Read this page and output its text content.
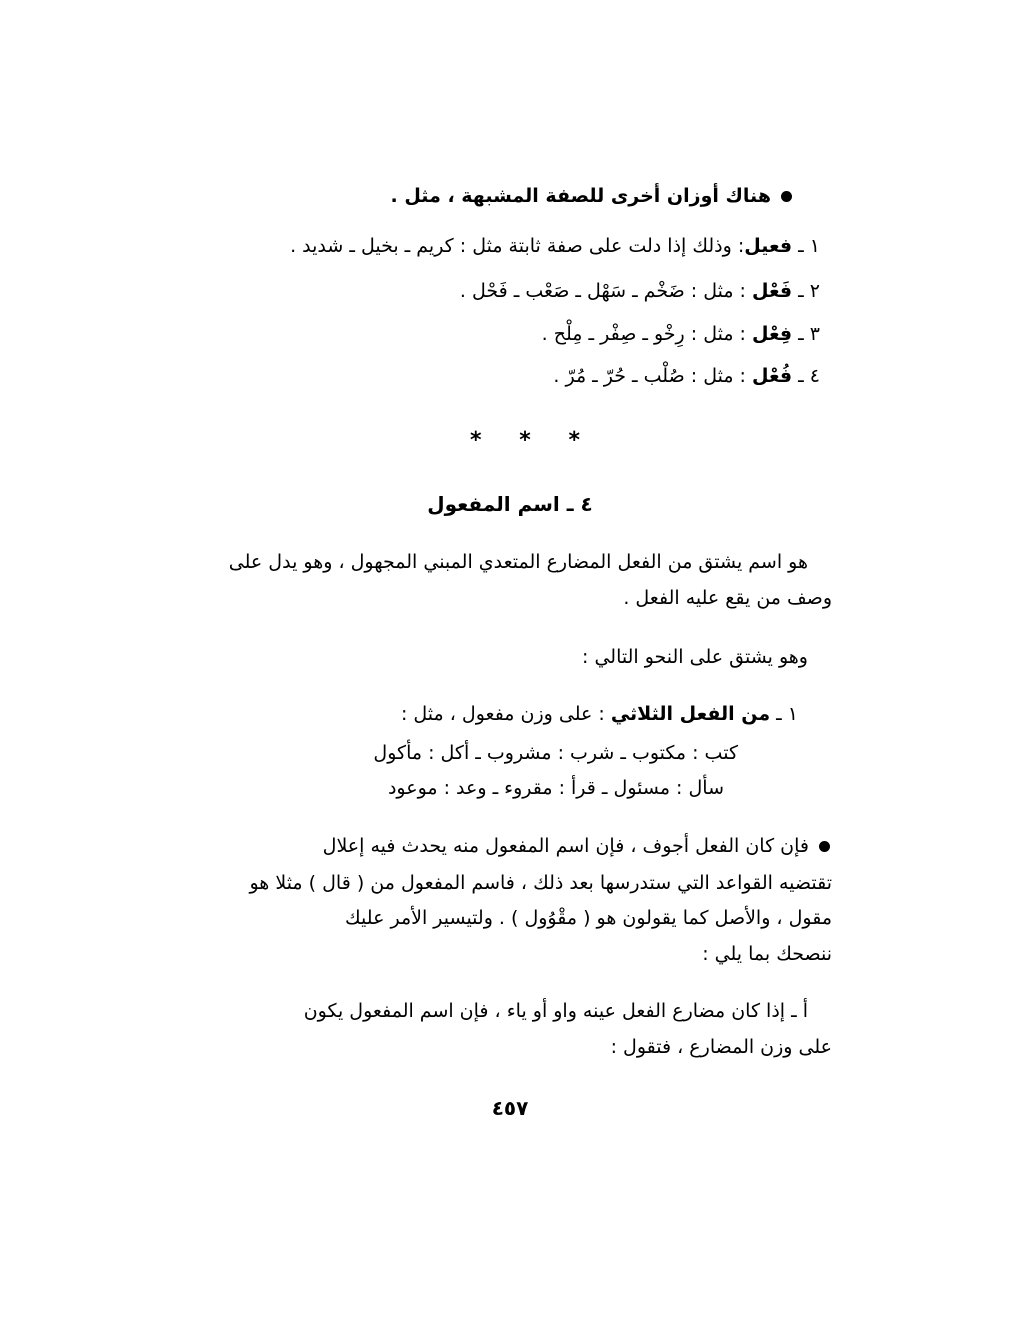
هناك أوزان أخرى للصفة المشبهة ، مثل .
١ ـ فعيل: وذلك إذا دلت على صفة ثابتة مثل : كريم ـ بخيل ـ شديد .
٢ ـ فَعْل : مثل : ضَخْم ـ سَهْل ـ صَعْب ـ فَحْل .
٣ ـ فِعْل : مثل : رِخْو ـ صِفْر ـ مِلْح .
٤ ـ فُعْل : مثل : صُلْب ـ حُرّ ـ مُرّ .
* * *
٤ ـ اسم المفعول
هو اسم يشتق من الفعل المضارع المتعدي المبني المجهول ، وهو يدل على
وصف من يقع عليه الفعل .
وهو يشتق على النحو التالي :
١ ـ من الفعل الثلاثي : على وزن مفعول ، مثل :
كتب : مكتوب ـ شرب : مشروب ـ أكل : مأكول
سأل : مسئول ـ قرأ : مقروء ـ وعد : موعود
فإن كان الفعل أجوف ، فإن اسم المفعول منه يحدث فيه إعلال
تقتضيه القواعد التي ستدرسها بعد ذلك ، فاسم المفعول من ( قال ) مثلا هو
مقول ، والأصل كما يقولون هو ( مقْوُول ) . ولتيسير الأمر عليك
ننصحك بما يلي :
أ ـ إذا كان مضارع الفعل عينه واو أو ياء ، فإن اسم المفعول يكون
على وزن المضارع ، فتقول :
٤٥٧
